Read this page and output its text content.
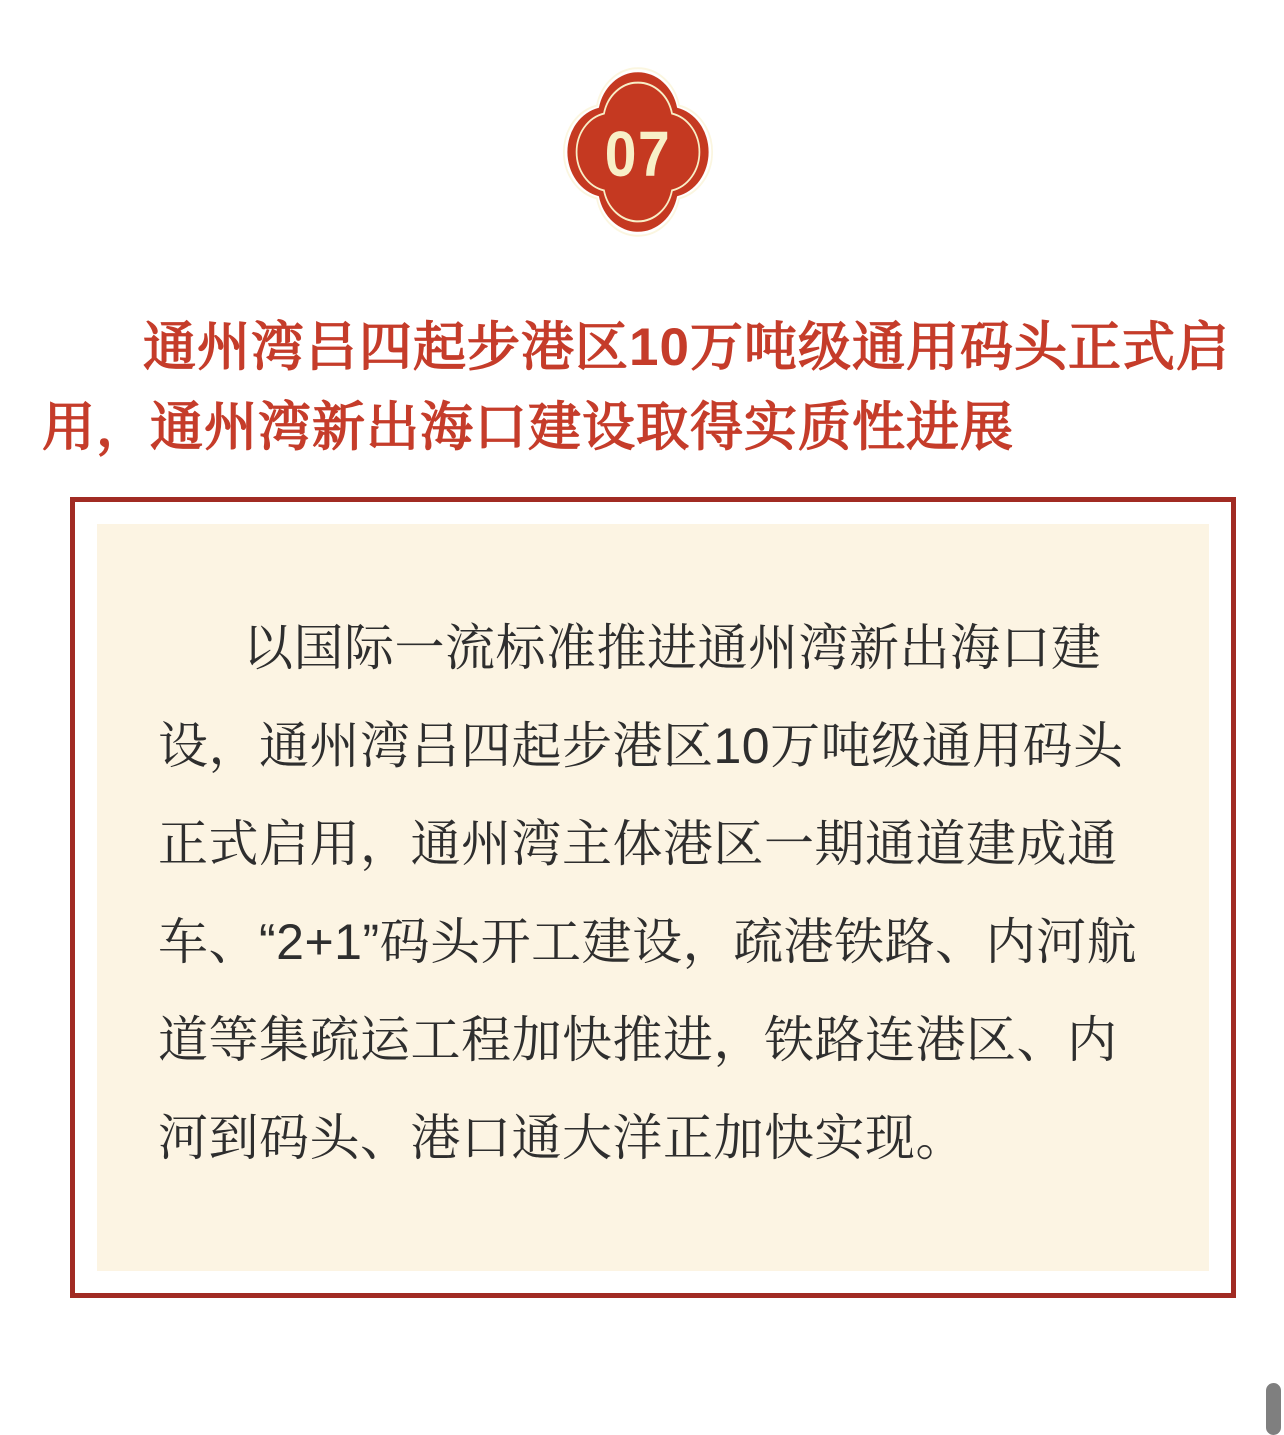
07
通州湾吕四起步港区10万吨级通用码头正式启用，通州湾新出海口建设取得实质性进展

以国际一流标准推进通州湾新出海口建设，通州湾吕四起步港区10万吨级通用码头正式启用，通州湾主体港区一期通道建成通车、“2+1”码头开工建设，疏港铁路、内河航道等集疏运工程加快推进，铁路连港区、内河到码头、港口通大洋正加快实现。
